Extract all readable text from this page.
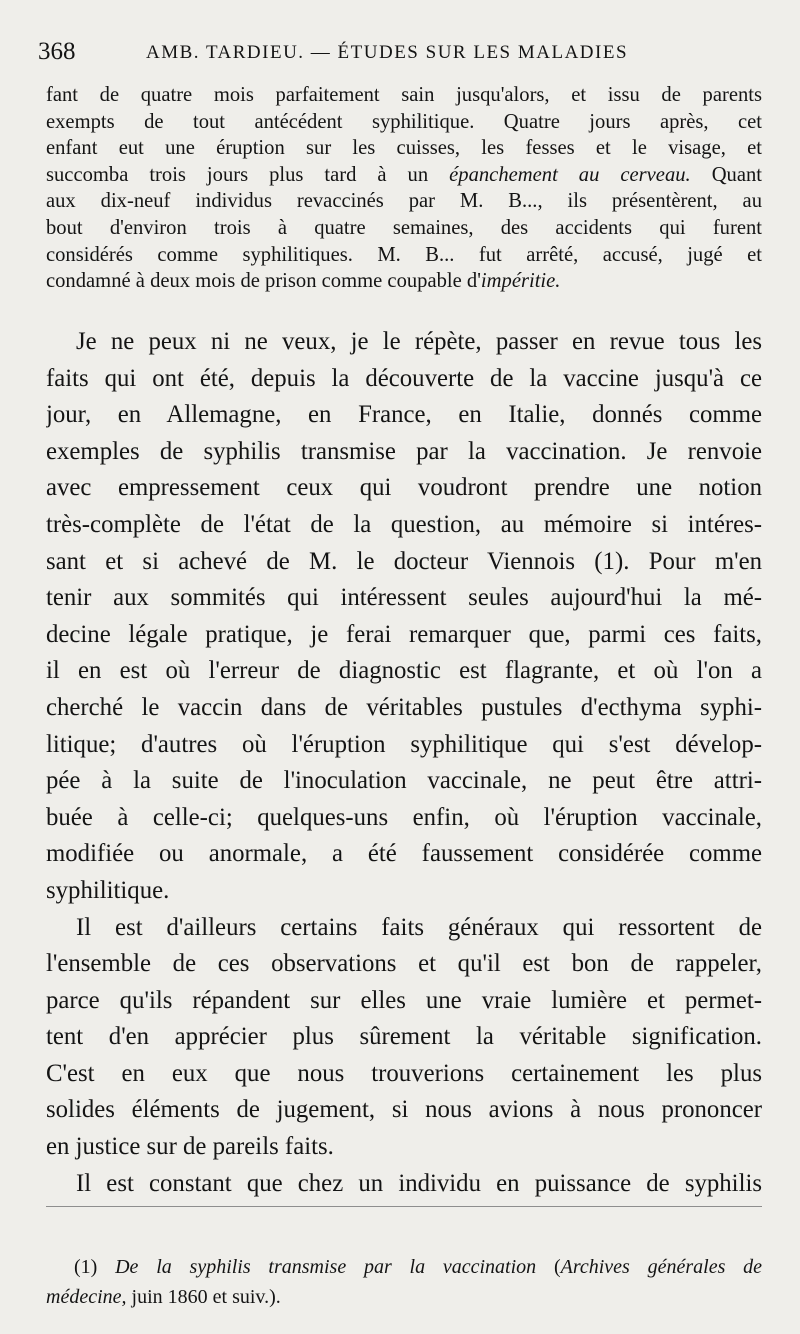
368	AMB. TARDIEU. — ÉTUDES SUR LES MALADIES
fant de quatre mois parfaitement sain jusqu'alors, et issu de parents
exempts de tout antécédent syphilitique. Quatre jours après, cet
enfant eut une éruption sur les cuisses, les fesses et le visage, et
succomba trois jours plus tard à un épanchement au cerveau. Quant
aux dix-neuf individus revaccinés par M. B..., ils présentèrent, au
bout d'environ trois à quatre semaines, des accidents qui furent
considérés comme syphilitiques. M. B... fut arrêté, accusé, jugé et
condamné à deux mois de prison comme coupable d'impéritie.
Je ne peux ni ne veux, je le répète, passer en revue tous les
faits qui ont été, depuis la découverte de la vaccine jusqu'à ce
jour, en Allemagne, en France, en Italie, donnés comme
exemples de syphilis transmise par la vaccination. Je renvoie
avec empressement ceux qui voudront prendre une notion
très-complète de l'état de la question, au mémoire si intéres-
sant et si achevé de M. le docteur Viennois (1). Pour m'en
tenir aux sommités qui intéressent seules aujourd'hui la mé-
decine légale pratique, je ferai remarquer que, parmi ces faits,
il en est où l'erreur de diagnostic est flagrante, et où l'on a
cherché le vaccin dans de véritables pustules d'ecthyma syphi-
litique; d'autres où l'éruption syphilitique qui s'est dévelop-
pée à la suite de l'inoculation vaccinale, ne peut être attri-
buée à celle-ci; quelques-uns enfin, où l'éruption vaccinale,
modifiée ou anormale, a été faussement considérée comme
syphilitique.
Il est d'ailleurs certains faits généraux qui ressortent de
l'ensemble de ces observations et qu'il est bon de rappeler,
parce qu'ils répandent sur elles une vraie lumière et permet-
tent d'en apprécier plus sûrement la véritable signification.
C'est en eux que nous trouverions certainement les plus
solides éléments de jugement, si nous avions à nous prononcer
en justice sur de pareils faits.
Il est constant que chez un individu en puissance de syphilis
(1) De la syphilis transmise par la vaccination (Archives générales de
médecine, juin 1860 et suiv.).
